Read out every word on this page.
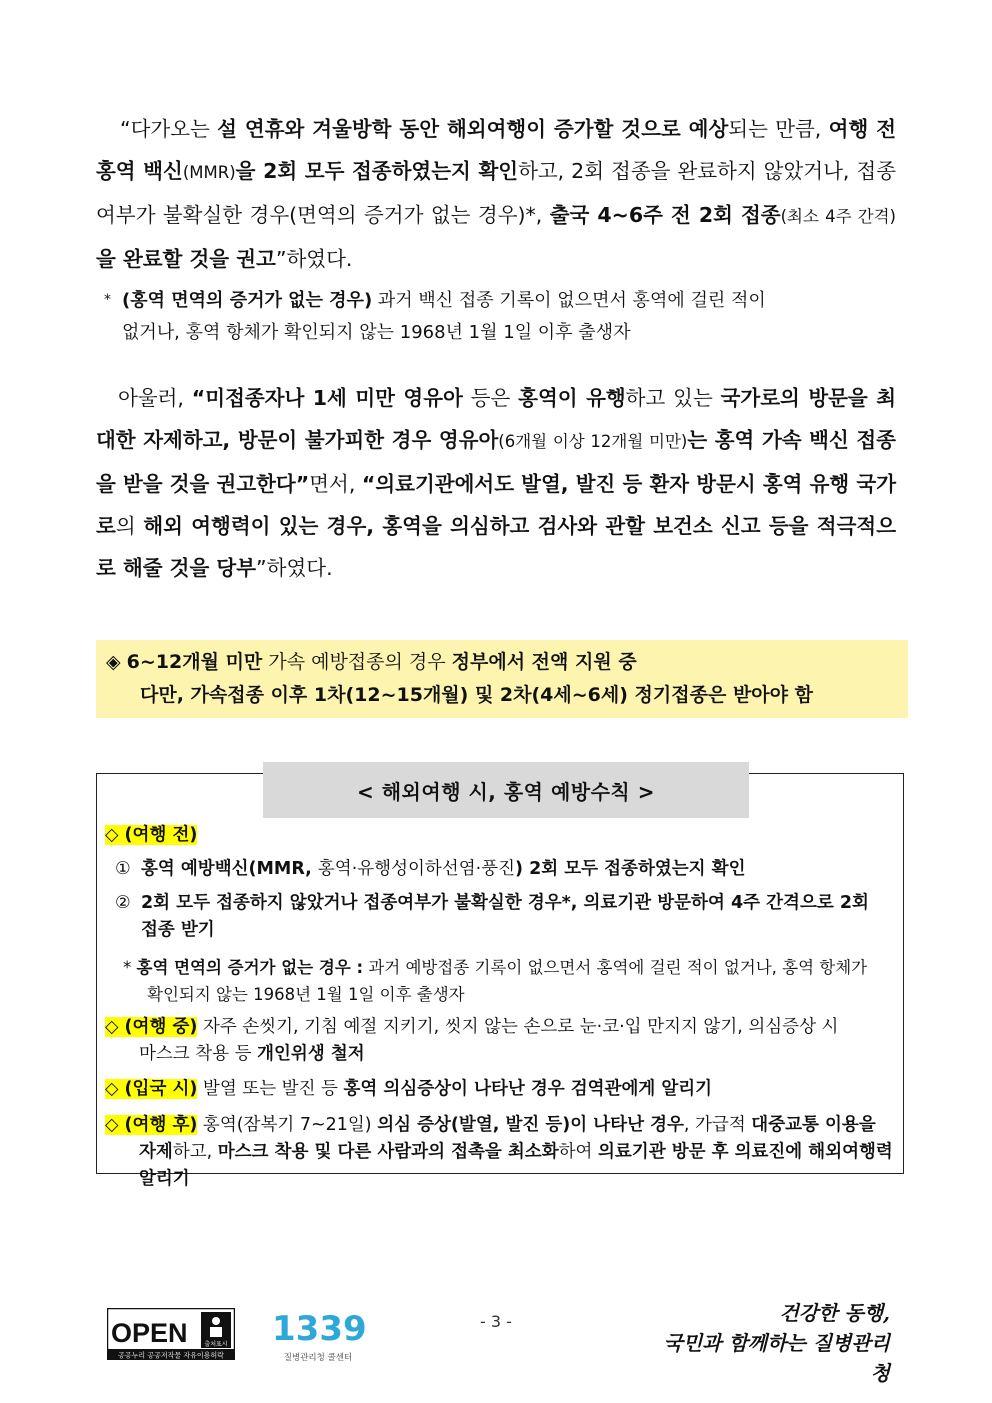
“다가오는 설 연휴와 겨울방학 동안 해외여행이 증가할 것으로 예상되는 만큼, 여행 전 홍역 백신(MMR)을 2회 모두 접종하였는지 확인하고, 2회 접종을 완료하지 않았거나, 접종 여부가 불확실한 경우(면역의 증거가 없는 경우)*, 출국 4~6주 전 2회 접종(최소 4주 간격)을 완료할 것을 권고”하였다.

* (홍역 면역의 증거가 없는 경우) 과거 백신 접종 기록이 없으면서 홍역에 걸린 적이
없거나, 홍역 항체가 확인되지 않는 1968년 1월 1일 이후 출생자

아울러, “미접종자나 1세 미만 영유아 등은 홍역이 유행하고 있는 국가로의 방문을 최대한 자제하고, 방문이 불가피한 경우 영유아(6개월 이상 12개월 미만)는 홍역 가속 백신 접종을 받을 것을 권고한다”면서, “의료기관에서도 발열, 발진 등 환자 방문시 홍역 유행 국가로의 해외 여행력이 있는 경우, 홍역을 의심하고 검사와 관할 보건소 신고 등을 적극적으로 해줄 것을 당부”하였다.

◈ 6~12개월 미만 가속 예방접종의 경우 정부에서 전액 지원 중
다만, 가속접종 이후 1차(12~15개월) 및 2차(4세~6세) 정기접종은 받아야 함
< 해외여행 시, 홍역 예방수칙 >
◇ (여행 전)
① 홍역 예방백신(MMR, 홍역·유행성이하선염·풍진) 2회 모두 접종하였는지 확인
② 2회 모두 접종하지 않았거나 접종여부가 불확실한 경우*, 의료기관 방문하여 4주 간격으로 2회
접종 받기
* 홍역 면역의 증거가 없는 경우 : 과거 예방접종 기록이 없으면서 홍역에 걸린 적이 없거나, 홍역 항체가
확인되지 않는 1968년 1월 1일 이후 출생자
◇ (여행 중) 자주 손씻기, 기침 예절 지키기, 씻지 않는 손으로 눈·코·입 만지지 않기, 의심증상 시
마스크 착용 등 개인위생 철저
◇ (입국 시) 발열 또는 발진 등 홍역 의심증상이 나타난 경우 검역관에게 알리기
◇ (여행 후) 홍역(잠복기 7~21일) 의심 증상(발열, 발진 등)이 나타난 경우, 가급적 대중교통 이용을
자제하고, 마스크 착용 및 다른 사람과의 접촉을 최소화하여 의료기관 방문 후 의료진에 해외여행력 알리기
OPEN	출처표시
공공누리 공공저작물 자유이용허락
1339
질병관리청 콜센터
- 3 -	건강한 동행,
국민과 함께하는 질병관리청
